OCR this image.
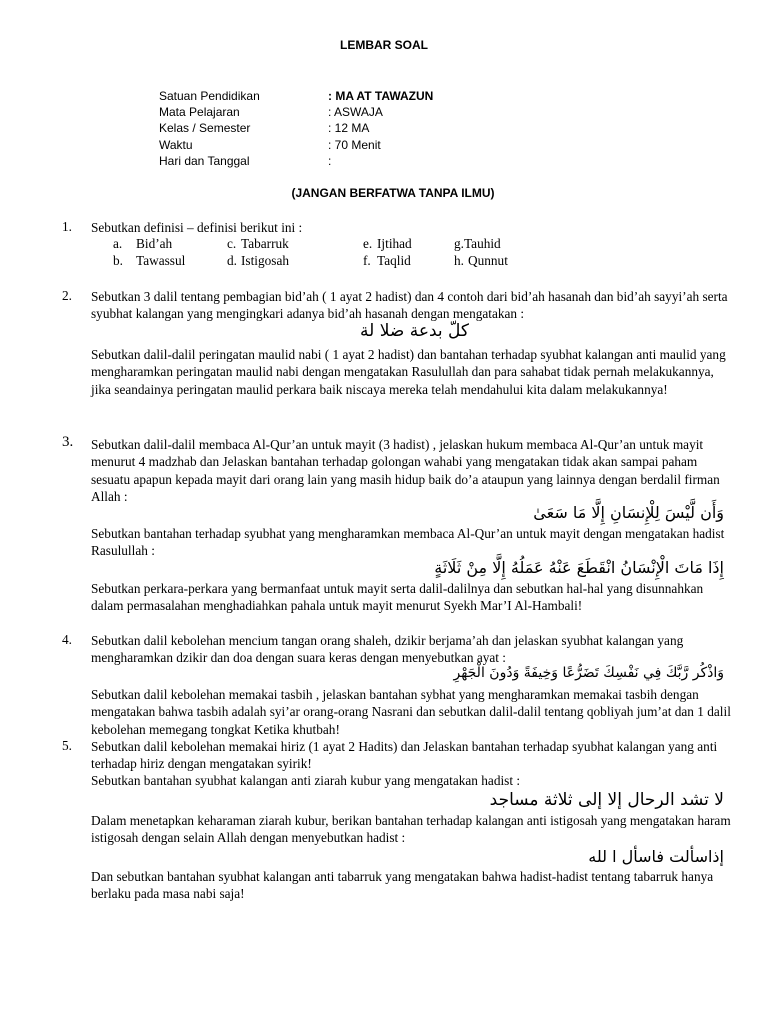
LEMBAR SOAL
Satuan Pendidikan	: MA AT TAWAZUN
Mata Pelajaran	: ASWAJA
Kelas / Semester	: 12 MA
Waktu	: 70 Menit
Hari dan Tanggal	:
(JANGAN BERFATWA TANPA ILMU)
1. Sebutkan definisi – definisi berikut ini :
a. Bid’ah	c. Tabarruk	e. Ijtihad	g.Tauhid
b. Tawassul	d. Istigosah	f. Taqlid	h. Qunnut
2. Sebutkan 3 dalil tentang pembagian bid’ah ( 1 ayat 2 hadist) dan 4 contoh dari bid’ah hasanah dan bid’ah sayyi’ah serta syubhat kalangan yang mengingkari adanya bid’ah hasanah dengan mengatakan :
كلّ بدعة ضلا لة
Sebutkan dalil-dalil peringatan maulid nabi ( 1 ayat 2 hadist) dan bantahan terhadap syubhat kalangan anti maulid yang mengharamkan peringatan maulid nabi dengan mengatakan Rasulullah dan para sahabat tidak pernah melakukannya, jika seandainya peringatan maulid perkara baik niscaya mereka telah mendahului kita dalam melakukannya!
3. Sebutkan dalil-dalil membaca Al-Qur’an untuk mayit (3 hadist) , jelaskan hukum membaca Al-Qur’an untuk mayit menurut 4 madzhab dan Jelaskan bantahan terhadap golongan wahabi yang mengatakan tidak akan sampai paham sesuatu apapun kepada mayit dari orang lain yang masih hidup baik do’a ataupun yang lainnya dengan berdalil firman Allah :
وَأَن لَّيْسَ لِلْإِنسَانِ إِلَّا مَا سَعَىٰ
Sebutkan bantahan terhadap syubhat yang mengharamkan membaca Al-Qur’an untuk mayit dengan mengatakan hadist Rasulullah :
إِذَا مَاتَ الْإِنْسَانُ انْقَطَعَ عَنْهُ عَمَلُهُ إِلَّا مِنْ ثَلَاثَةٍ
Sebutkan perkara-perkara yang bermanfaat untuk mayit serta dalil-dalilnya dan sebutkan hal-hal yang disunnahkan dalam permasalahan menghadiahkan pahala untuk mayit menurut Syekh Mar’I Al-Hambali!
4. Sebutkan dalil kebolehan mencium tangan orang shaleh, dzikir berjama’ah dan jelaskan syubhat kalangan yang mengharamkan dzikir dan doa dengan suara keras dengan menyebutkan ayat :
وَاذْكُر رَّبَّكَ فِي نَفْسِكَ تَضَرُّعًا وَخِيفَةً وَدُونَ الْجَهْرِ
Sebutkan dalil kebolehan memakai tasbih , jelaskan bantahan sybhat yang mengharamkan memakai tasbih dengan mengatakan bahwa tasbih adalah syi’ar orang-orang Nasrani dan sebutkan dalil-dalil tentang qobliyah jum’at dan 1 dalil kebolehan memegang tongkat Ketika khutbah!
5. Sebutkan dalil kebolehan memakai hiriz (1 ayat 2 Hadits) dan Jelaskan bantahan terhadap syubhat kalangan yang anti terhadap hiriz dengan mengatakan syirik!
Sebutkan bantahan syubhat kalangan anti ziarah kubur yang mengatakan hadist :
لا تشد الرحال إلا إلى ثلاثة مساجد
Dalam menetapkan keharaman ziarah kubur, berikan bantahan terhadap kalangan anti istigosah yang mengatakan haram istigosah dengan selain Allah dengan menyebutkan hadist :
إذاسألت فاسأل ا لله
Dan sebutkan bantahan syubhat kalangan anti tabarruk yang mengatakan bahwa hadist-hadist tentang tabarruk hanya berlaku pada masa nabi saja!
